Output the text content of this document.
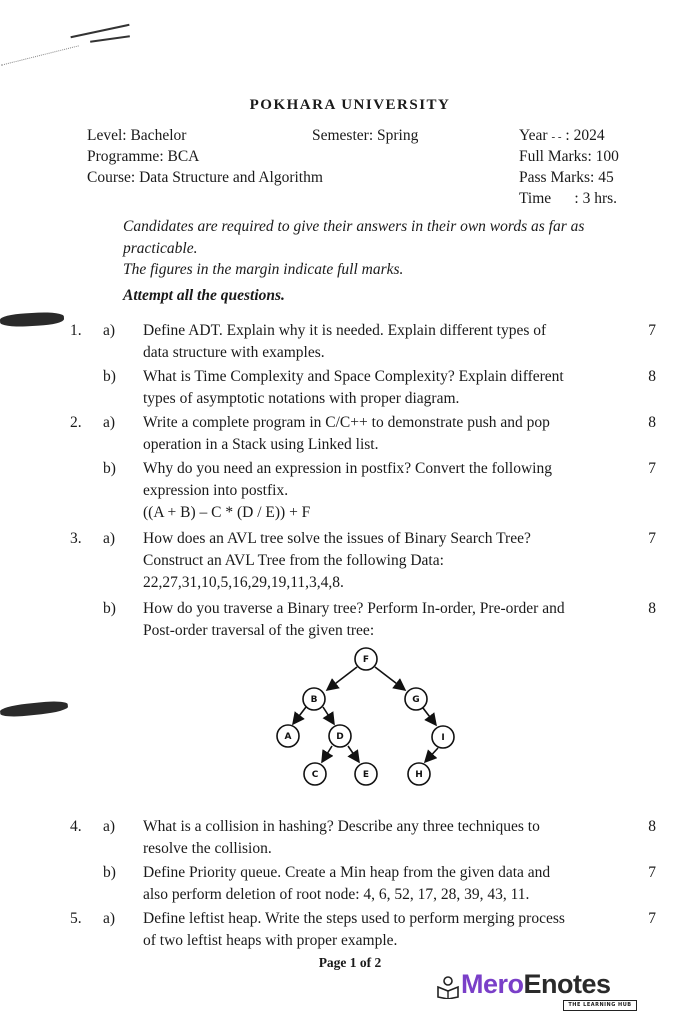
POKHARA UNIVERSITY
Level: Bachelor	Semester: Spring	Year - - : 2024
Programme: BCA	Full Marks: 100
Course: Data Structure and Algorithm	Pass Marks: 45
Time      : 3 hrs.
Candidates are required to give their answers in their own words as far as practicable.
The figures in the margin indicate full marks.
Attempt all the questions.
1. a) Define ADT. Explain why it is needed. Explain different types of
data structure with examples.
7
b) What is Time Complexity and Space Complexity? Explain different
types of asymptotic notations with proper diagram.
8
2. a) Write a complete program in C/C++ to demonstrate push and pop
operation in a Stack using Linked list.
8
b) Why do you need an expression in postfix? Convert the following
expression into postfix.
((A + B) – C * (D / E)) + F
7
3. a) How does an AVL tree solve the issues of Binary Search Tree?
Construct an AVL Tree from the following Data:
22,27,31,10,5,16,29,19,11,3,4,8.
7
b) How do you traverse a Binary tree? Perform In-order, Pre-order and
Post-order traversal of the given tree:
8
F
B	G
A	D	I
C	E	H
4. a) What is a collision in hashing? Describe any three techniques to
resolve the collision.
8
b) Define Priority queue. Create a Min heap from the given data and
also perform deletion of root node: 4, 6, 52, 17, 28, 39, 43, 11.
7
5. a) Define leftist heap. Write the steps used to perform merging process
of two leftist heaps with proper example.
7
Page 1 of 2
MeroEnotes
THE LEARNING HUB
